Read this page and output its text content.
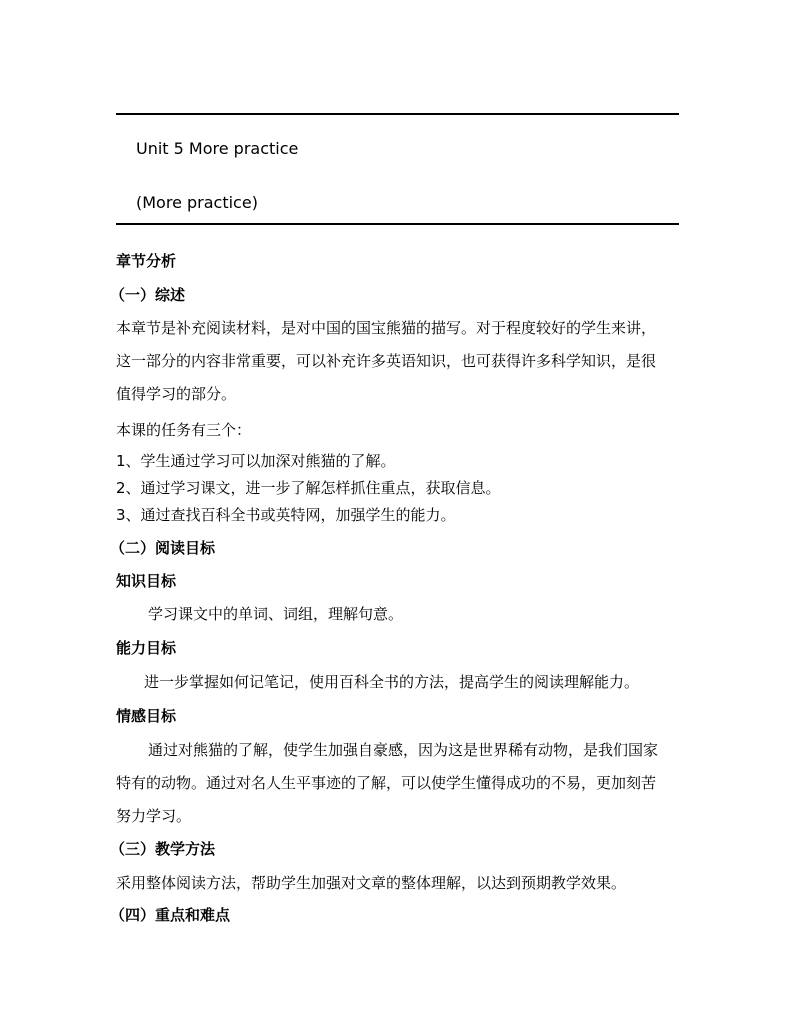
Unit 5 More practice
(More practice)
章节分析
（一）综述
本章节是补充阅读材料，是对中国的国宝熊猫的描写。对于程度较好的学生来讲，
这一部分的内容非常重要，可以补充许多英语知识，也可获得许多科学知识，是很
值得学习的部分。
本课的任务有三个：
1、学生通过学习可以加深对熊猫的了解。
2、通过学习课文，进一步了解怎样抓住重点，获取信息。
3、通过查找百科全书或英特网，加强学生的能力。
（二）阅读目标
知识目标
学习课文中的单词、词组，理解句意。
能力目标
进一步掌握如何记笔记，使用百科全书的方法，提高学生的阅读理解能力。
情感目标
通过对熊猫的了解，使学生加强自豪感，因为这是世界稀有动物，是我们国家
特有的动物。通过对名人生平事迹的了解，可以使学生懂得成功的不易，更加刻苦
努力学习。
（三）教学方法
采用整体阅读方法，帮助学生加强对文章的整体理解，以达到预期教学效果。
（四）重点和难点
